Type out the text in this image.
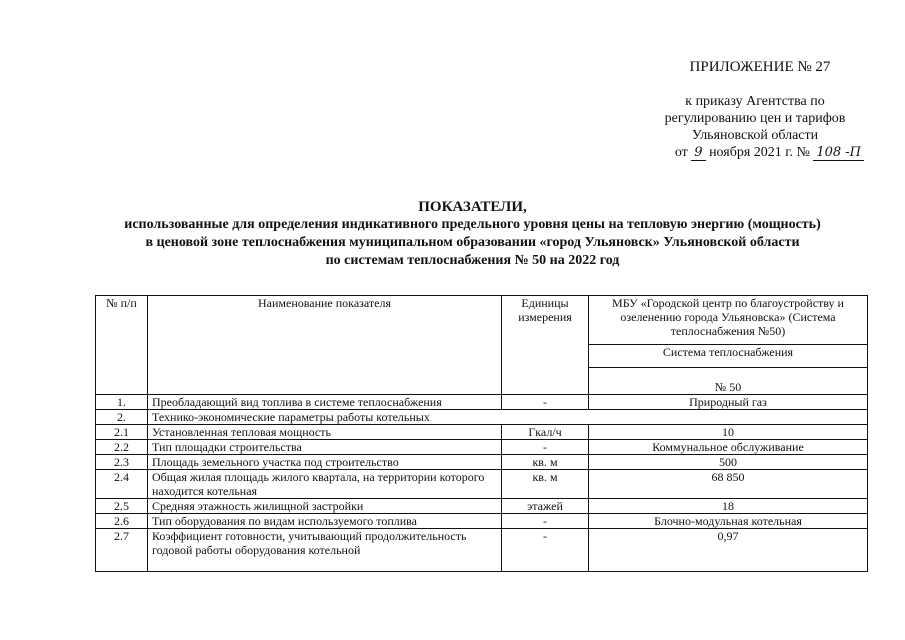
ПРИЛОЖЕНИЕ № 27
к приказу Агентства по
регулированию цен и тарифов
Ульяновской области
от 9 ноября 2021 г. № 108 -П
ПОКАЗАТЕЛИ,
использованные для определения индикативного предельного уровня цены на тепловую энергию (мощность)
в ценовой зоне теплоснабжения муниципальном образовании «город Ульяновск» Ульяновской области
по системам теплоснабжения № 50 на 2022 год
№ п/п	Наименование показателя	Единицы измерения	МБУ «Городской центр по благоустройству и озеленению города Ульяновска» (Система теплоснабжения №50)
			Система теплоснабжения
			№ 50
1.	Преобладающий вид топлива в системе теплоснабжения	-	Природный газ
2.	Технико-экономические параметры работы котельных		
2.1	Установленная тепловая мощность	Гкал/ч	10
2.2	Тип площадки строительства	-	Коммунальное обслуживание
2.3	Площадь земельного участка под строительство	кв. м	500
2.4	Общая жилая площадь жилого квартала, на территории которого находится котельная	кв. м	68 850
2.5	Средняя этажность жилищной застройки	этажей	18
2.6	Тип оборудования по видам используемого топлива	-	Блочно-модульная котельная
2.7	Коэффициент готовности, учитывающий продолжительность годовой работы оборудования котельной	-	0,97
